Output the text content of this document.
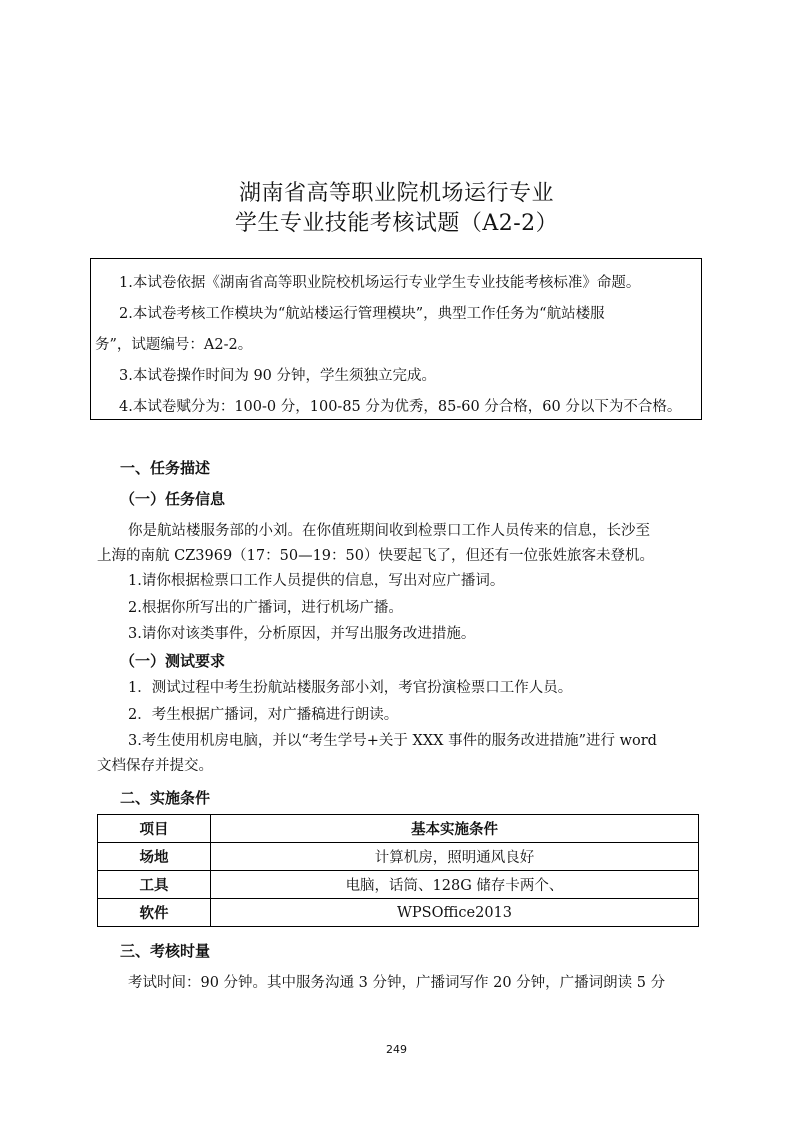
湖南省高等职业院机场运行专业
学生专业技能考核试题（A2-2）
1.本试卷依据《湖南省高等职业院校机场运行专业学生专业技能考核标准》命题。
2.本试卷考核工作模块为“航站楼运行管理模块”，典型工作任务为“航站楼服
务”，试题编号：A2-2。
3.本试卷操作时间为 90 分钟，学生须独立完成。
4.本试卷赋分为：100-0 分，100-85 分为优秀，85-60 分合格，60 分以下为不合格。
一、任务描述
（一）任务信息
你是航站楼服务部的小刘。在你值班期间收到检票口工作人员传来的信息，长沙至
上海的南航 CZ3969（17：50—19：50）快要起飞了，但还有一位张姓旅客未登机。
1.请你根据检票口工作人员提供的信息，写出对应广播词。
2.根据你所写出的广播词，进行机场广播。
3.请你对该类事件，分析原因，并写出服务改进措施。
（一）测试要求
1．测试过程中考生扮航站楼服务部小刘，考官扮演检票口工作人员。
2．考生根据广播词，对广播稿进行朗读。
3.考生使用机房电脑，并以“考生学号+关于 XXX 事件的服务改进措施”进行 word
文档保存并提交。
二、实施条件
项目	基本实施条件
场地	计算机房，照明通风良好
工具	电脑，话筒、128G 储存卡两个、
软件	WPSOffice2013
三、考核时量
考试时间：90 分钟。其中服务沟通 3 分钟，广播词写作 20 分钟，广播词朗读 5 分
249
